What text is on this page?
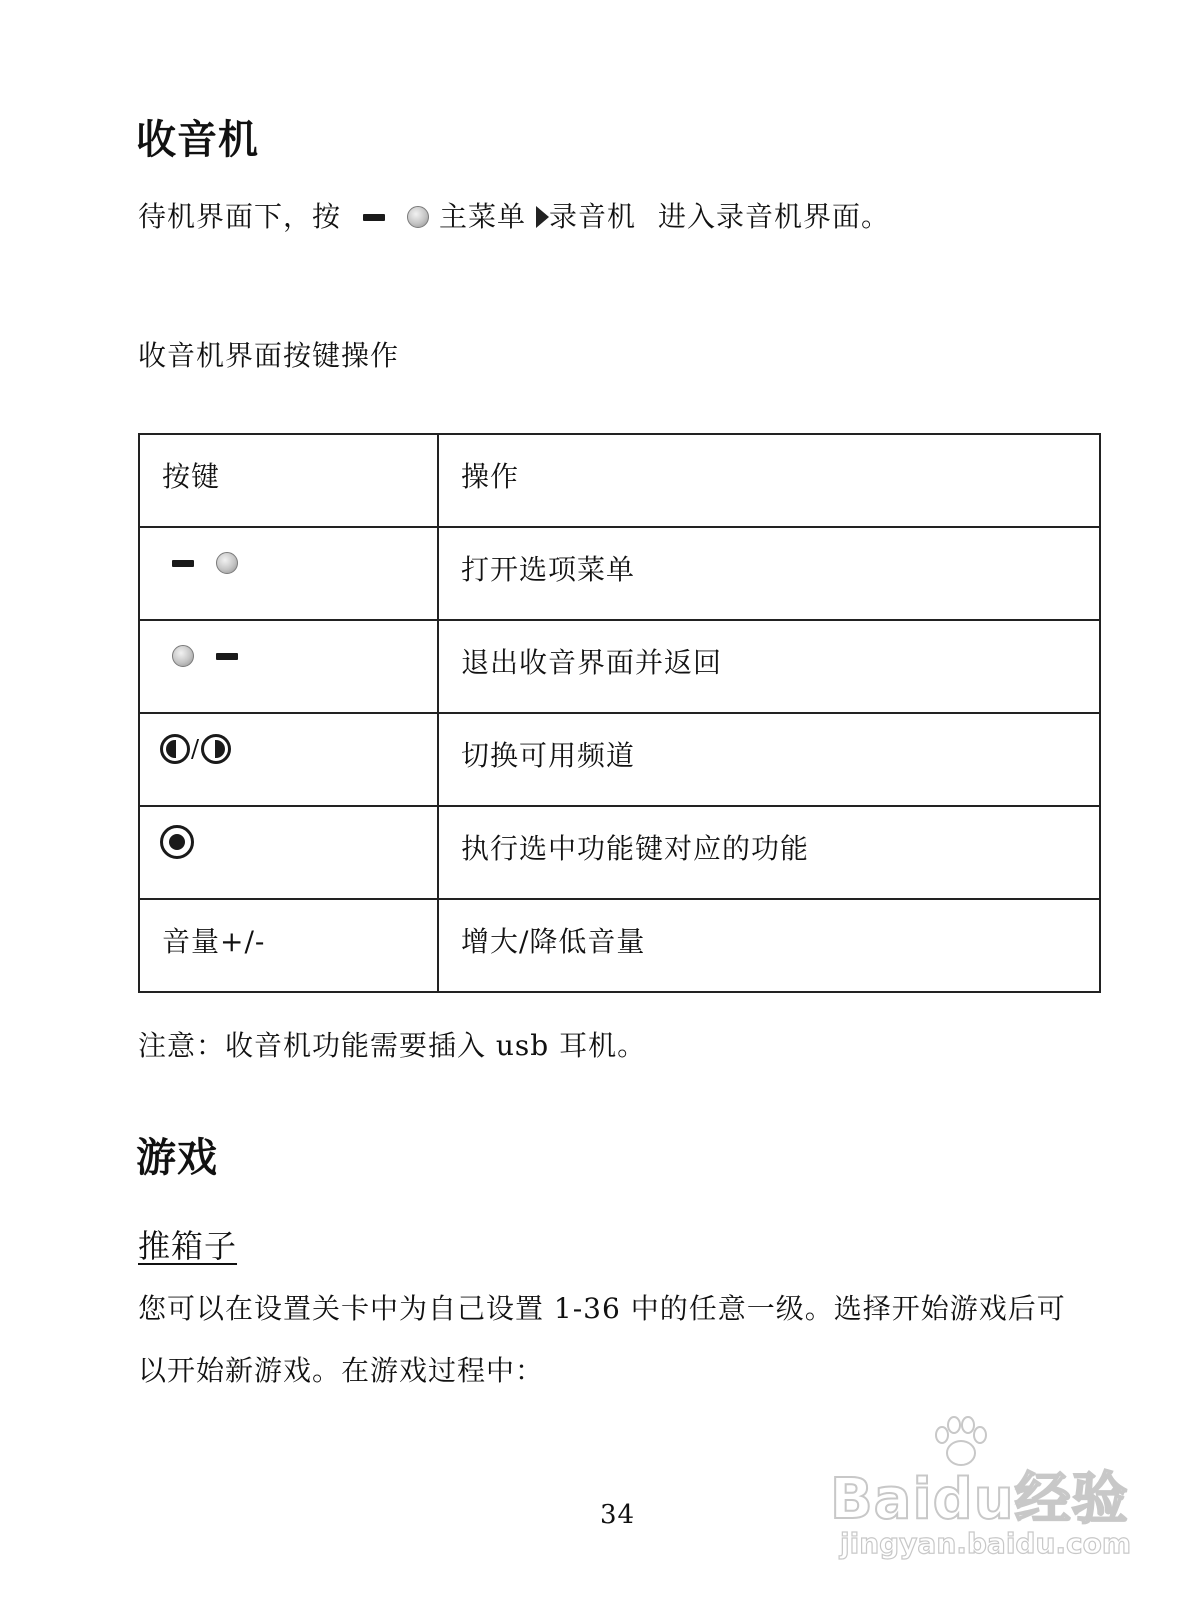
收音机
待机界面下，按	主菜单 录音机 进入录音机界面。
收音机界面按键操作
按键	操作

	打开选项菜单

	退出收音界面并返回

/	切换可用频道

	执行选中功能键对应的功能
音量+/-	增大/降低音量
注意：收音机功能需要插入 usb 耳机。
游戏
推箱子
您可以在设置关卡中为自己设置 1-36 中的任意一级。选择开始游戏后可
以开始新游戏。在游戏过程中：
34	Baidu经验
jingyan.baidu.com
